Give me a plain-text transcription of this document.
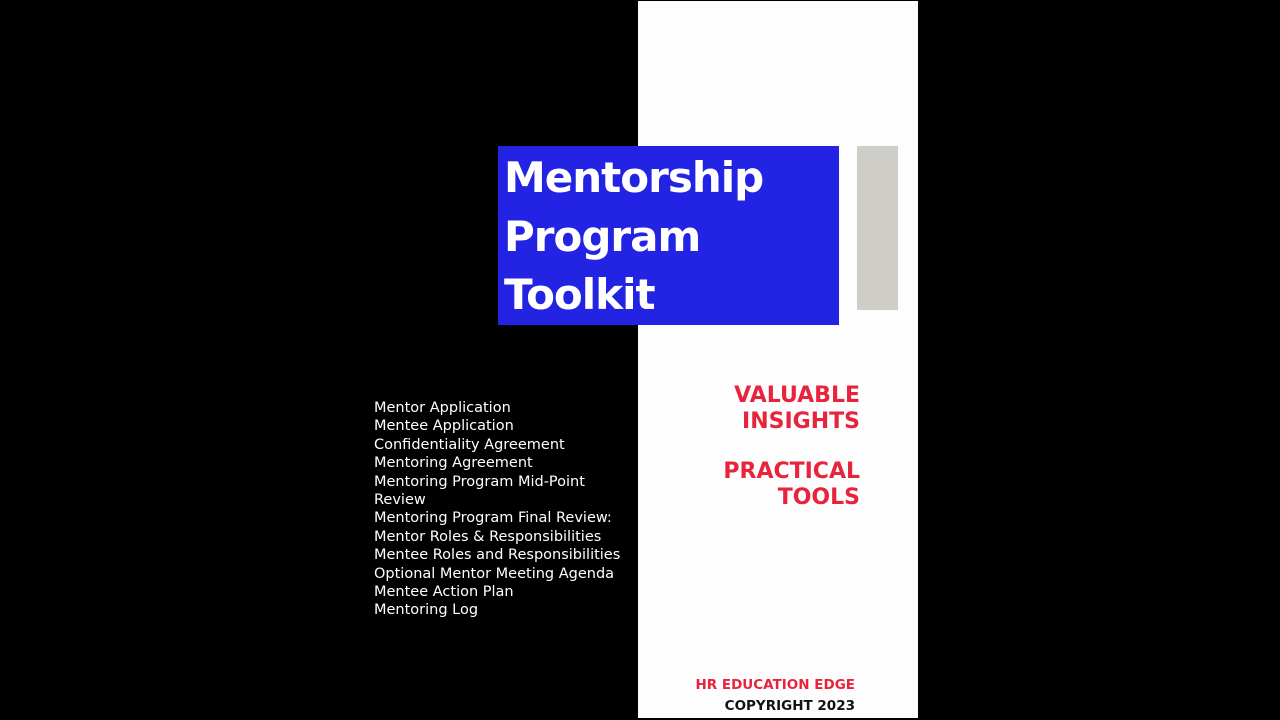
Mentorship
Program
Toolkit
Mentor Application
Mentee Application
Confidentiality Agreement
Mentoring Agreement
Mentoring Program Mid-Point Review
Mentoring Program Final Review:
Mentor Roles & Responsibilities
Mentee Roles and Responsibilities
Optional Mentor Meeting Agenda
Mentee Action Plan
Mentoring Log
VALUABLE
INSIGHTS
PRACTICAL
TOOLS
HR EDUCATION EDGE
COPYRIGHT 2023
